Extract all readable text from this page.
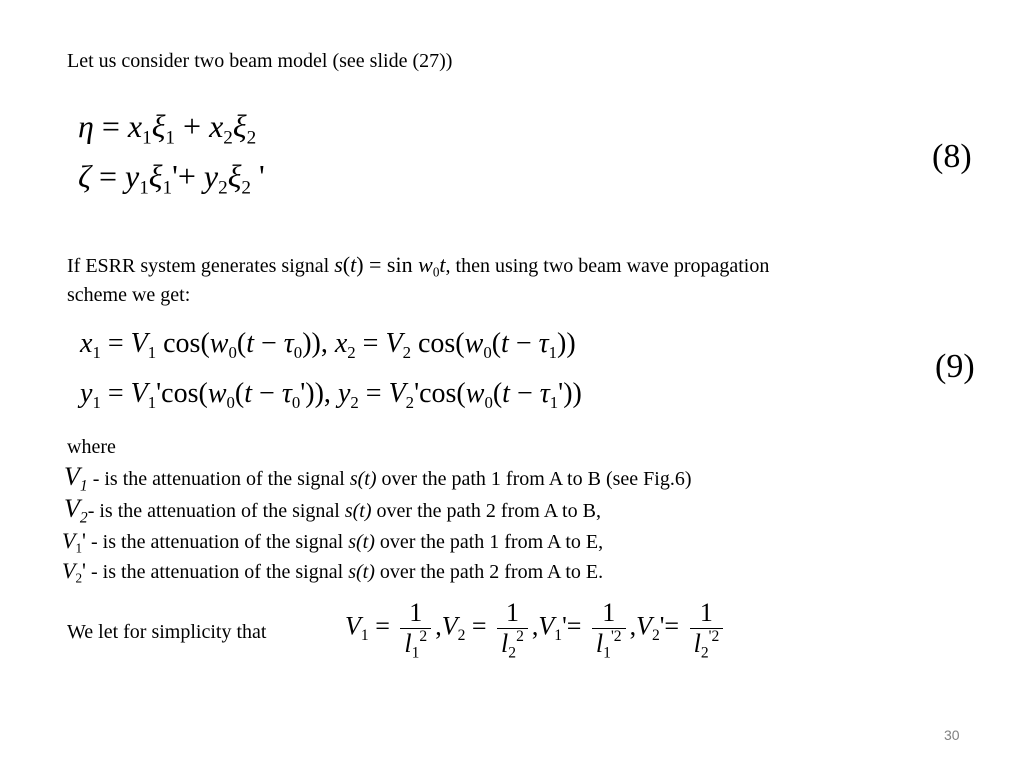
Let us consider two beam model (see slide (27))
$\eta = x_1\xi_1 + x_2\xi_2$
$\zeta = y_1\xi_1'+ y_2\xi_2$ '
(8)
If ESRR system generates signal $s(t) = \sin w_0t$, then using two beam wave propagation
scheme we get:
$x_1 = V_1$ $\cos(w_0(t - \tau_0))$, $x_2 = V_2$ $\cos(w_0(t - \tau_1))$
$y_1 = V_1'\cos(w_0(t - \tau_0'))$, $y_2 = V_2'\cos(w_0(t - \tau_1'))$
(9)
where
$V_1$ - is the attenuation of the signal s(t) over the path 1 from A to B (see Fig.6)
$V_2-$ is the attenuation of the signal s(t) over the path 2 from A to B,
$V_1'$ - is the attenuation of the signal s(t) over the path 1 from A to E,
$V_2'$ - is the attenuation of the signal s(t) over the path 2 from A to E.
We let for simplicity that	$V_1 = \frac{1}{l_1^2} ,V_2 = \frac{1}{l_2^2} ,V_1'= \frac{1}{l_1^{'2}} ,V_2'= \frac{1}{l_2^{'2}}$
30
